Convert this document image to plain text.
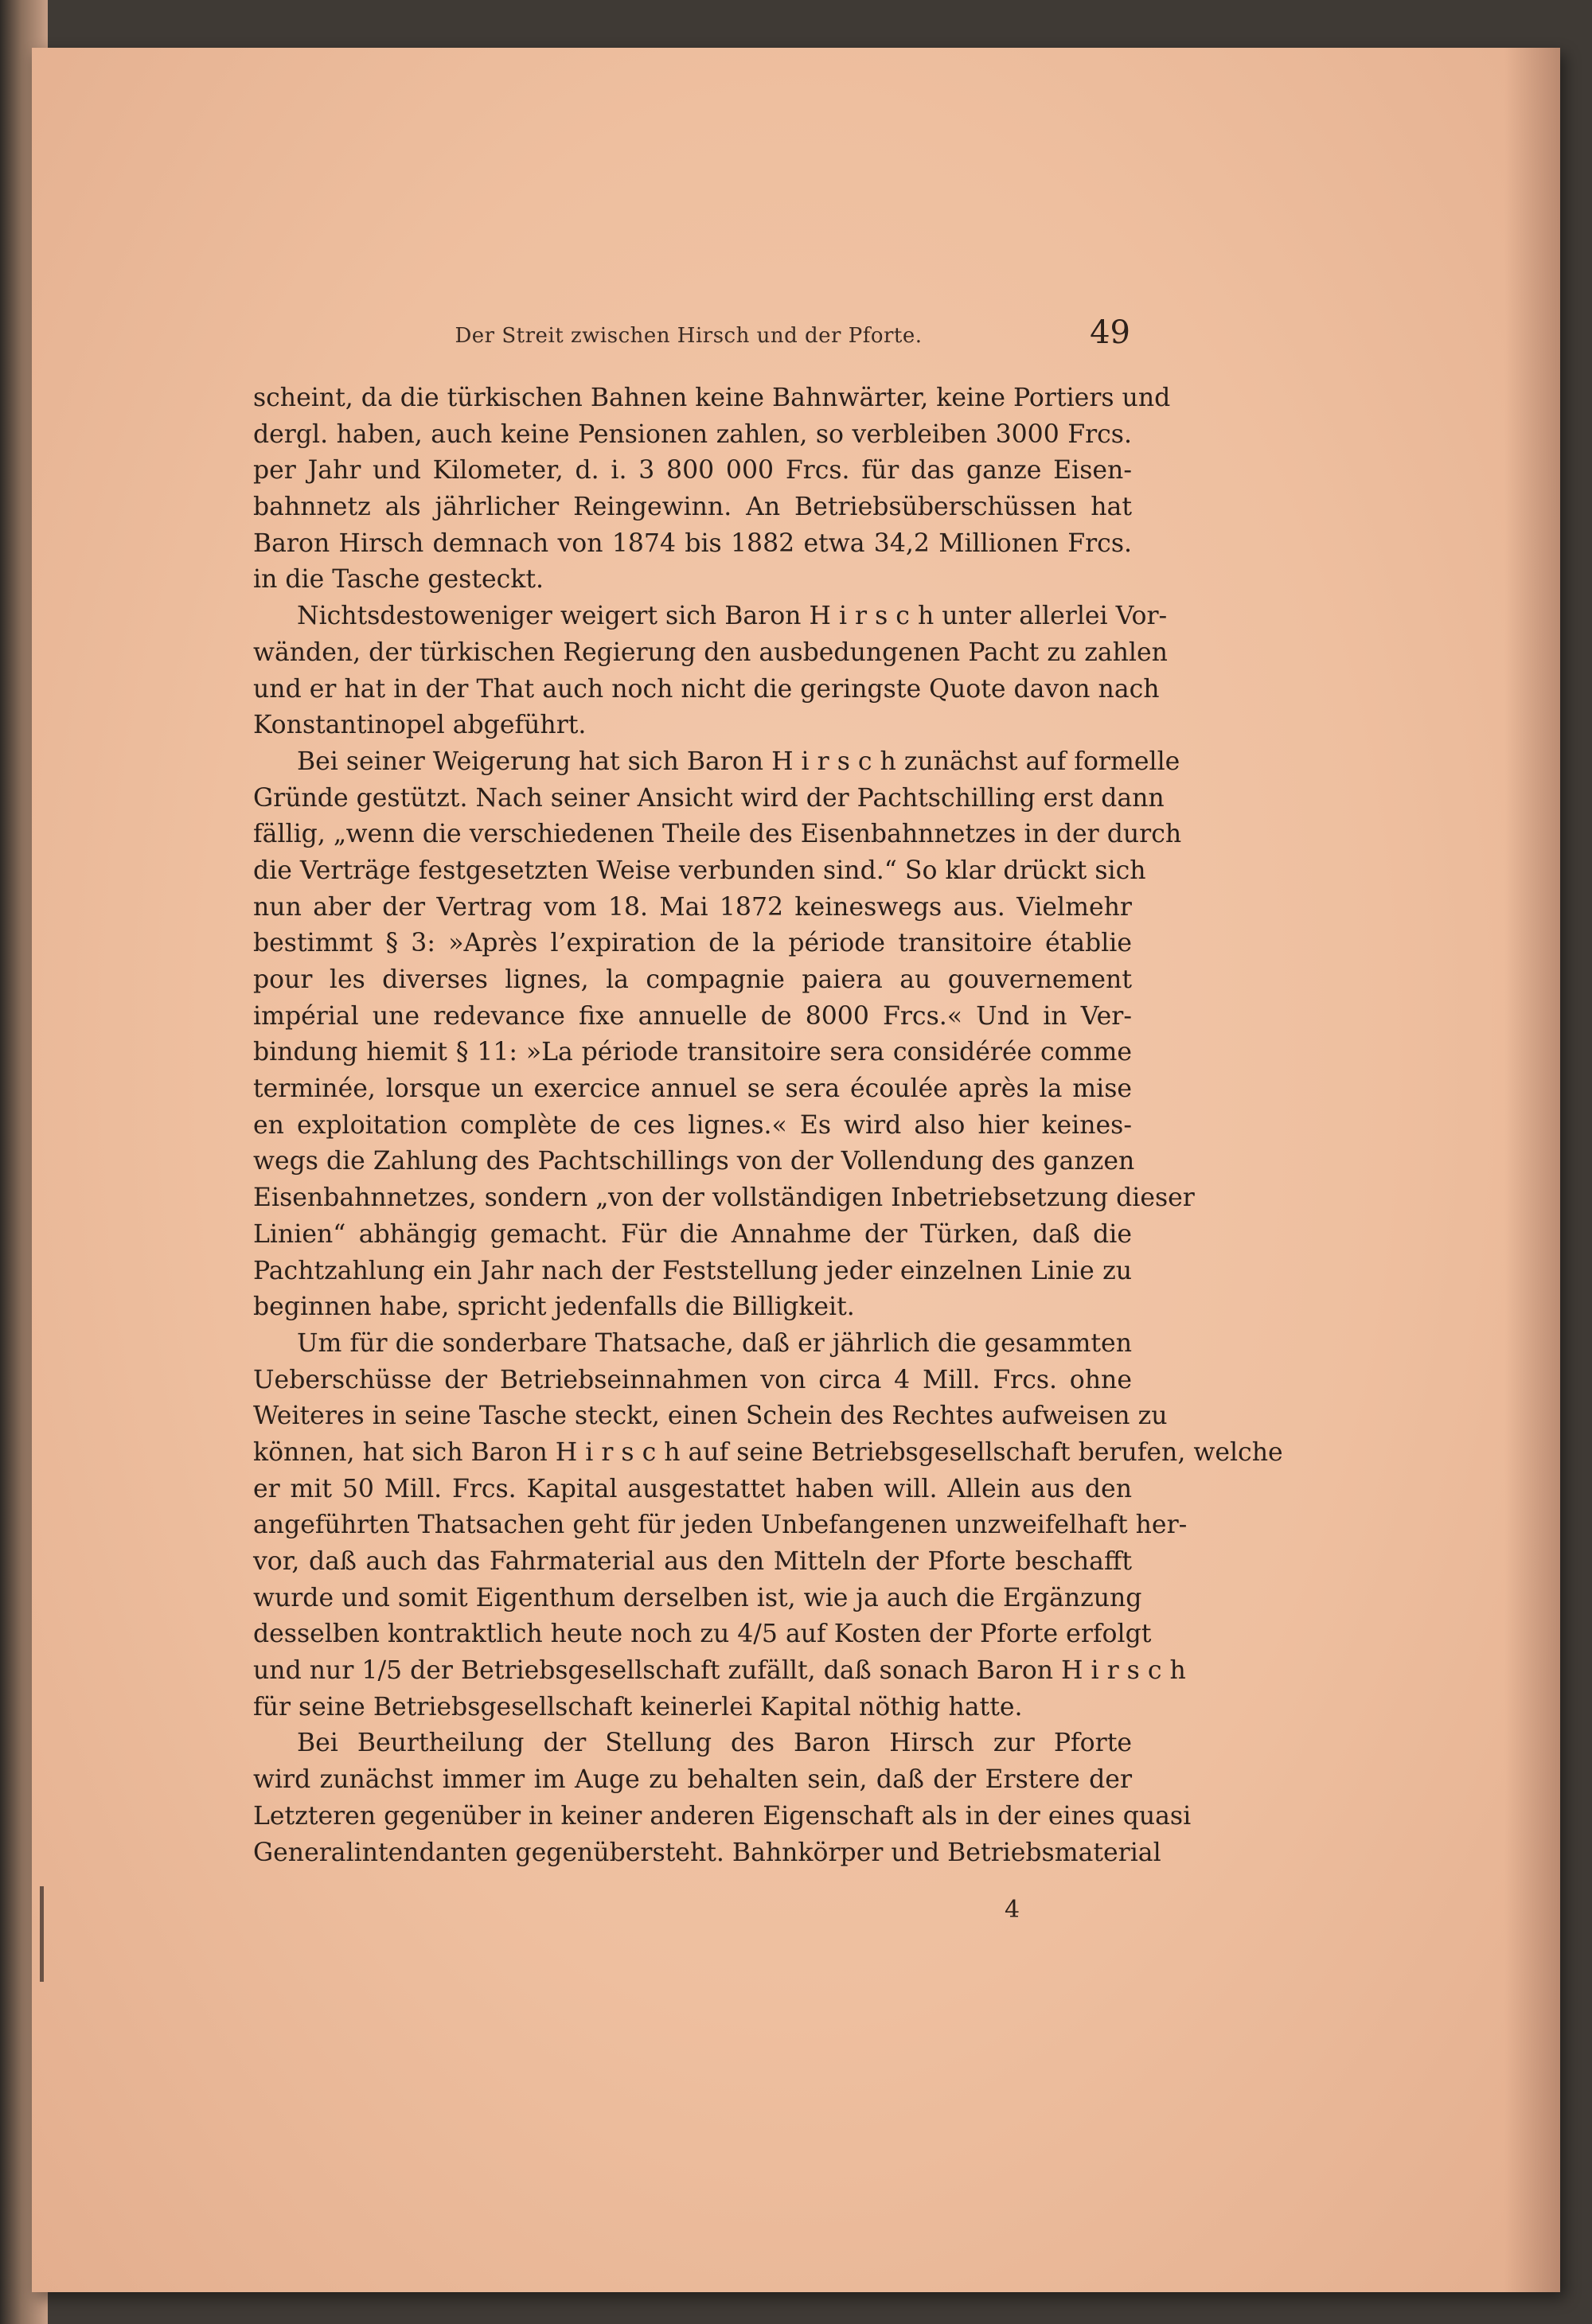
Der Streit zwischen Hirsch und der Pforte.	49
scheint, da die türkischen Bahnen keine Bahnwärter, keine Portiers und
dergl. haben, auch keine Pensionen zahlen, so verbleiben 3000 Frcs.
per Jahr und Kilometer, d. i. 3 800 000 Frcs. für das ganze Eisen-
bahnnetz als jährlicher Reingewinn. An Betriebsüberschüssen hat
Baron Hirsch demnach von 1874 bis 1882 etwa 34,2 Millionen Frcs.
in die Tasche gesteckt.
Nichtsdestoweniger weigert sich Baron H i r s c h unter allerlei Vor-
wänden, der türkischen Regierung den ausbedungenen Pacht zu zahlen
und er hat in der That auch noch nicht die geringste Quote davon nach
Konstantinopel abgeführt.
Bei seiner Weigerung hat sich Baron H i r s c h zunächst auf formelle
Gründe gestützt. Nach seiner Ansicht wird der Pachtschilling erst dann
fällig, „wenn die verschiedenen Theile des Eisenbahnnetzes in der durch
die Verträge festgesetzten Weise verbunden sind.“ So klar drückt sich
nun aber der Vertrag vom 18. Mai 1872 keineswegs aus. Vielmehr
bestimmt § 3: »Après l’expiration de la période transitoire établie
pour les diverses lignes, la compagnie paiera au gouvernement
impérial une redevance fixe annuelle de 8000 Frcs.« Und in Ver-
bindung hiemit § 11: »La période transitoire sera considérée comme
terminée, lorsque un exercice annuel se sera écoulée après la mise
en exploitation complète de ces lignes.« Es wird also hier keines-
wegs die Zahlung des Pachtschillings von der Vollendung des ganzen
Eisenbahnnetzes, sondern „von der vollständigen Inbetriebsetzung dieser
Linien“ abhängig gemacht. Für die Annahme der Türken, daß die
Pachtzahlung ein Jahr nach der Feststellung jeder einzelnen Linie zu
beginnen habe, spricht jedenfalls die Billigkeit.
Um für die sonderbare Thatsache, daß er jährlich die gesammten
Ueberschüsse der Betriebseinnahmen von circa 4 Mill. Frcs. ohne
Weiteres in seine Tasche steckt, einen Schein des Rechtes aufweisen zu
können, hat sich Baron H i r s c h auf seine Betriebsgesellschaft berufen, welche
er mit 50 Mill. Frcs. Kapital ausgestattet haben will. Allein aus den
angeführten Thatsachen geht für jeden Unbefangenen unzweifelhaft her-
vor, daß auch das Fahrmaterial aus den Mitteln der Pforte beschafft
wurde und somit Eigenthum derselben ist, wie ja auch die Ergänzung
desselben kontraktlich heute noch zu 4/5 auf Kosten der Pforte erfolgt
und nur 1/5 der Betriebsgesellschaft zufällt, daß sonach Baron H i r s c h
für seine Betriebsgesellschaft keinerlei Kapital nöthig hatte.
Bei Beurtheilung der Stellung des Baron Hirsch zur Pforte
wird zunächst immer im Auge zu behalten sein, daß der Erstere der
Letzteren gegenüber in keiner anderen Eigenschaft als in der eines quasi
Generalintendanten gegenübersteht. Bahnkörper und Betriebsmaterial
4
